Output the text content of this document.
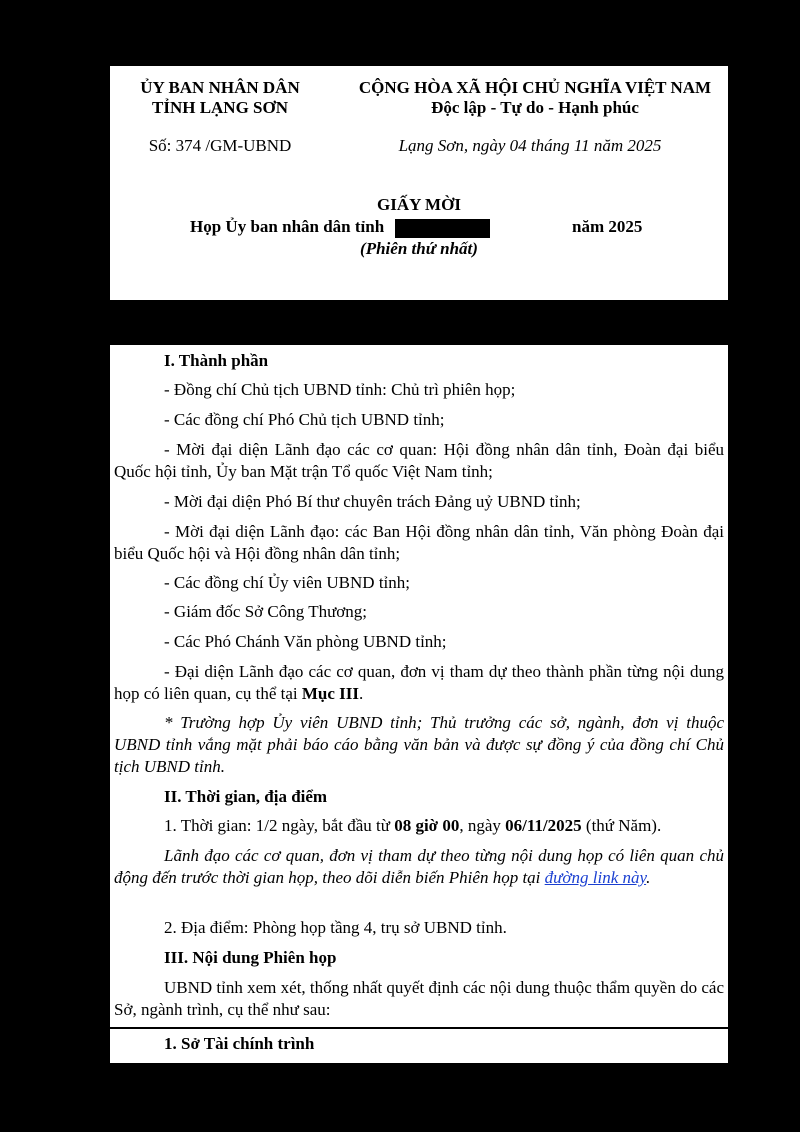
ỦY BAN NHÂN DÂN
TỈNH LẠNG SƠN
CỘNG HÒA XÃ HỘI CHỦ NGHĨA VIỆT NAM
Độc lập - Tự do - Hạnh phúc
Số: 374 /GM-UBND	Lạng Sơn, ngày 04 tháng 11 năm 2025
GIẤY MỜI
Họp Ủy ban nhân dân tỉnh	năm 2025
(Phiên thứ nhất)
I. Thành phần
- Đồng chí Chủ tịch UBND tỉnh: Chủ trì phiên họp;
- Các đồng chí Phó Chủ tịch UBND tỉnh;
- Mời đại diện Lãnh đạo các cơ quan: Hội đồng nhân dân tỉnh, Đoàn đại biểu Quốc hội tỉnh, Ủy ban Mặt trận Tổ quốc Việt Nam tỉnh;
- Mời đại diện Phó Bí thư chuyên trách Đảng uỷ UBND tỉnh;
- Mời đại diện Lãnh đạo: các Ban Hội đồng nhân dân tỉnh, Văn phòng Đoàn đại biểu Quốc hội và Hội đồng nhân dân tỉnh;
- Các đồng chí Ủy viên UBND tỉnh;
- Giám đốc Sở Công Thương;
- Các Phó Chánh Văn phòng UBND tỉnh;
- Đại diện Lãnh đạo các cơ quan, đơn vị tham dự theo thành phần từng nội dung họp có liên quan, cụ thể tại Mục III.
* Trường hợp Ủy viên UBND tỉnh; Thủ trưởng các sở, ngành, đơn vị thuộc UBND tỉnh vắng mặt phải báo cáo bằng văn bản và được sự đồng ý của đồng chí Chủ tịch UBND tỉnh.
II. Thời gian, địa điểm
1. Thời gian: 1/2 ngày, bắt đầu từ 08 giờ 00, ngày 06/11/2025 (thứ Năm).
Lãnh đạo các cơ quan, đơn vị tham dự theo từng nội dung họp có liên quan chủ động đến trước thời gian họp, theo dõi diễn biến Phiên họp tại đường link này.
2. Địa điểm: Phòng họp tầng 4, trụ sở UBND tỉnh.
III. Nội dung Phiên họp
UBND tỉnh xem xét, thống nhất quyết định các nội dung thuộc thẩm quyền do các Sở, ngành trình, cụ thể như sau:
1. Sở Tài chính trình
